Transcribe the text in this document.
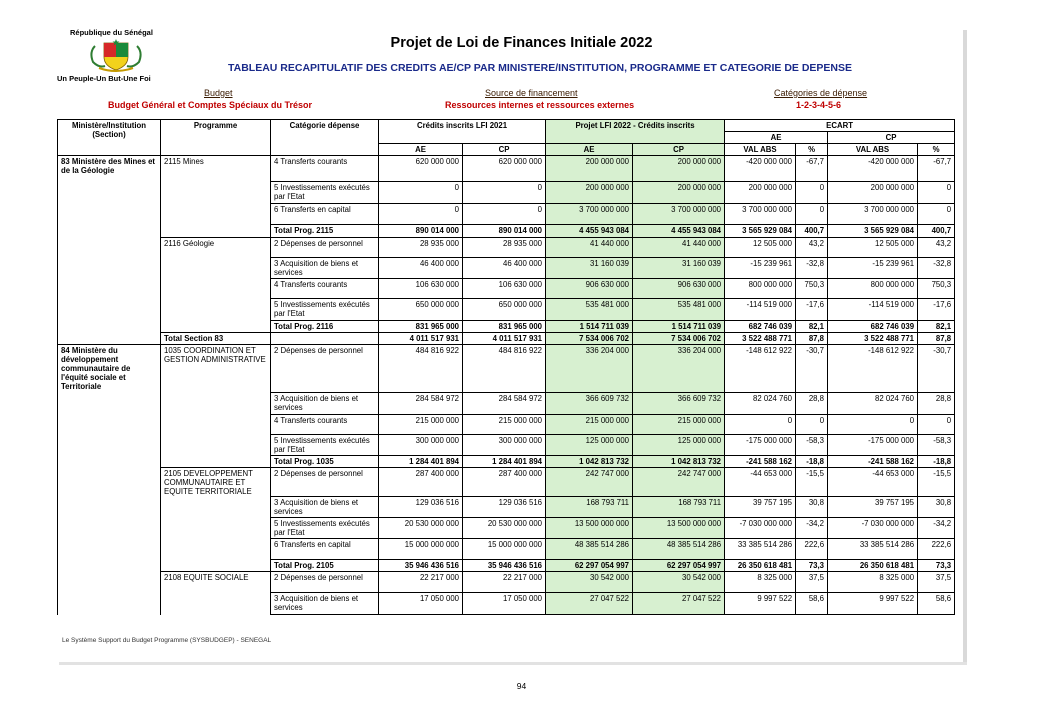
République du Sénégal
Un Peuple-Un But-Une Foi
Projet de Loi de Finances Initiale 2022
TABLEAU RECAPITULATIF DES CREDITS AE/CP PAR MINISTERE/INSTITUTION, PROGRAMME ET CATEGORIE DE DEPENSE
Budget
Budget Général et Comptes Spéciaux du Trésor
Source de financement
Ressources internes et ressources externes
Catégories de dépense
1-2-3-4-5-6
Ministère/Institution (Section)	Programme	Catégorie dépense	Crédits inscrits LFI 2021		Projet LFI 2022 - Crédits inscrits		ECART			
							AE		CP	
			AE	CP	AE	CP	VAL ABS	%	VAL ABS	%
83 Ministère des Mines et de la Géologie	2115 Mines	4 Transferts courants	620 000 000	620 000 000	200 000 000	200 000 000	-420 000 000	-67,7	-420 000 000	-67,7
		5 Investissements exécutés par l'Etat	0	0	200 000 000	200 000 000	200 000 000	0	200 000 000	0
		6 Transferts en capital	0	0	3 700 000 000	3 700 000 000	3 700 000 000	0	3 700 000 000	0
		Total Prog. 2115	890 014 000	890 014 000	4 455 943 084	4 455 943 084	3 565 929 084	400,7	3 565 929 084	400,7
	2116 Géologie	2 Dépenses de personnel	28 935 000	28 935 000	41 440 000	41 440 000	12 505 000	43,2	12 505 000	43,2
		3 Acquisition de biens et services	46 400 000	46 400 000	31 160 039	31 160 039	-15 239 961	-32,8	-15 239 961	-32,8
		4 Transferts courants	106 630 000	106 630 000	906 630 000	906 630 000	800 000 000	750,3	800 000 000	750,3
		5 Investissements exécutés par l'Etat	650 000 000	650 000 000	535 481 000	535 481 000	-114 519 000	-17,6	-114 519 000	-17,6
		Total Prog. 2116	831 965 000	831 965 000	1 514 711 039	1 514 711 039	682 746 039	82,1	682 746 039	82,1
	Total Section 83		4 011 517 931	4 011 517 931	7 534 006 702	7 534 006 702	3 522 488 771	87,8	3 522 488 771	87,8
84 Ministère du développement communautaire de l'équité sociale et Territoriale	1035 COORDINATION ET GESTION ADMINISTRATIVE	2 Dépenses de personnel	484 816 922	484 816 922	336 204 000	336 204 000	-148 612 922	-30,7	-148 612 922	-30,7
		3 Acquisition de biens et services	284 584 972	284 584 972	366 609 732	366 609 732	82 024 760	28,8	82 024 760	28,8
		4 Transferts courants	215 000 000	215 000 000	215 000 000	215 000 000	0	0	0	0
		5 Investissements exécutés par l'Etat	300 000 000	300 000 000	125 000 000	125 000 000	-175 000 000	-58,3	-175 000 000	-58,3
		Total Prog. 1035	1 284 401 894	1 284 401 894	1 042 813 732	1 042 813 732	-241 588 162	-18,8	-241 588 162	-18,8
	2105 DEVELOPPEMENT COMMUNAUTAIRE ET EQUITE TERRITORIALE	2 Dépenses de personnel	287 400 000	287 400 000	242 747 000	242 747 000	-44 653 000	-15,5	-44 653 000	-15,5
		3 Acquisition de biens et services	129 036 516	129 036 516	168 793 711	168 793 711	39 757 195	30,8	39 757 195	30,8
		5 Investissements exécutés par l'Etat	20 530 000 000	20 530 000 000	13 500 000 000	13 500 000 000	-7 030 000 000	-34,2	-7 030 000 000	-34,2
		6 Transferts en capital	15 000 000 000	15 000 000 000	48 385 514 286	48 385 514 286	33 385 514 286	222,6	33 385 514 286	222,6
		Total Prog. 2105	35 946 436 516	35 946 436 516	62 297 054 997	62 297 054 997	26 350 618 481	73,3	26 350 618 481	73,3
	2108 EQUITE SOCIALE	2 Dépenses de personnel	22 217 000	22 217 000	30 542 000	30 542 000	8 325 000	37,5	8 325 000	37,5
		3 Acquisition de biens et services	17 050 000	17 050 000	27 047 522	27 047 522	9 997 522	58,6	9 997 522	58,6
Le Système Support du Budget Programme (SYSBUDGEP) - SENEGAL
94
